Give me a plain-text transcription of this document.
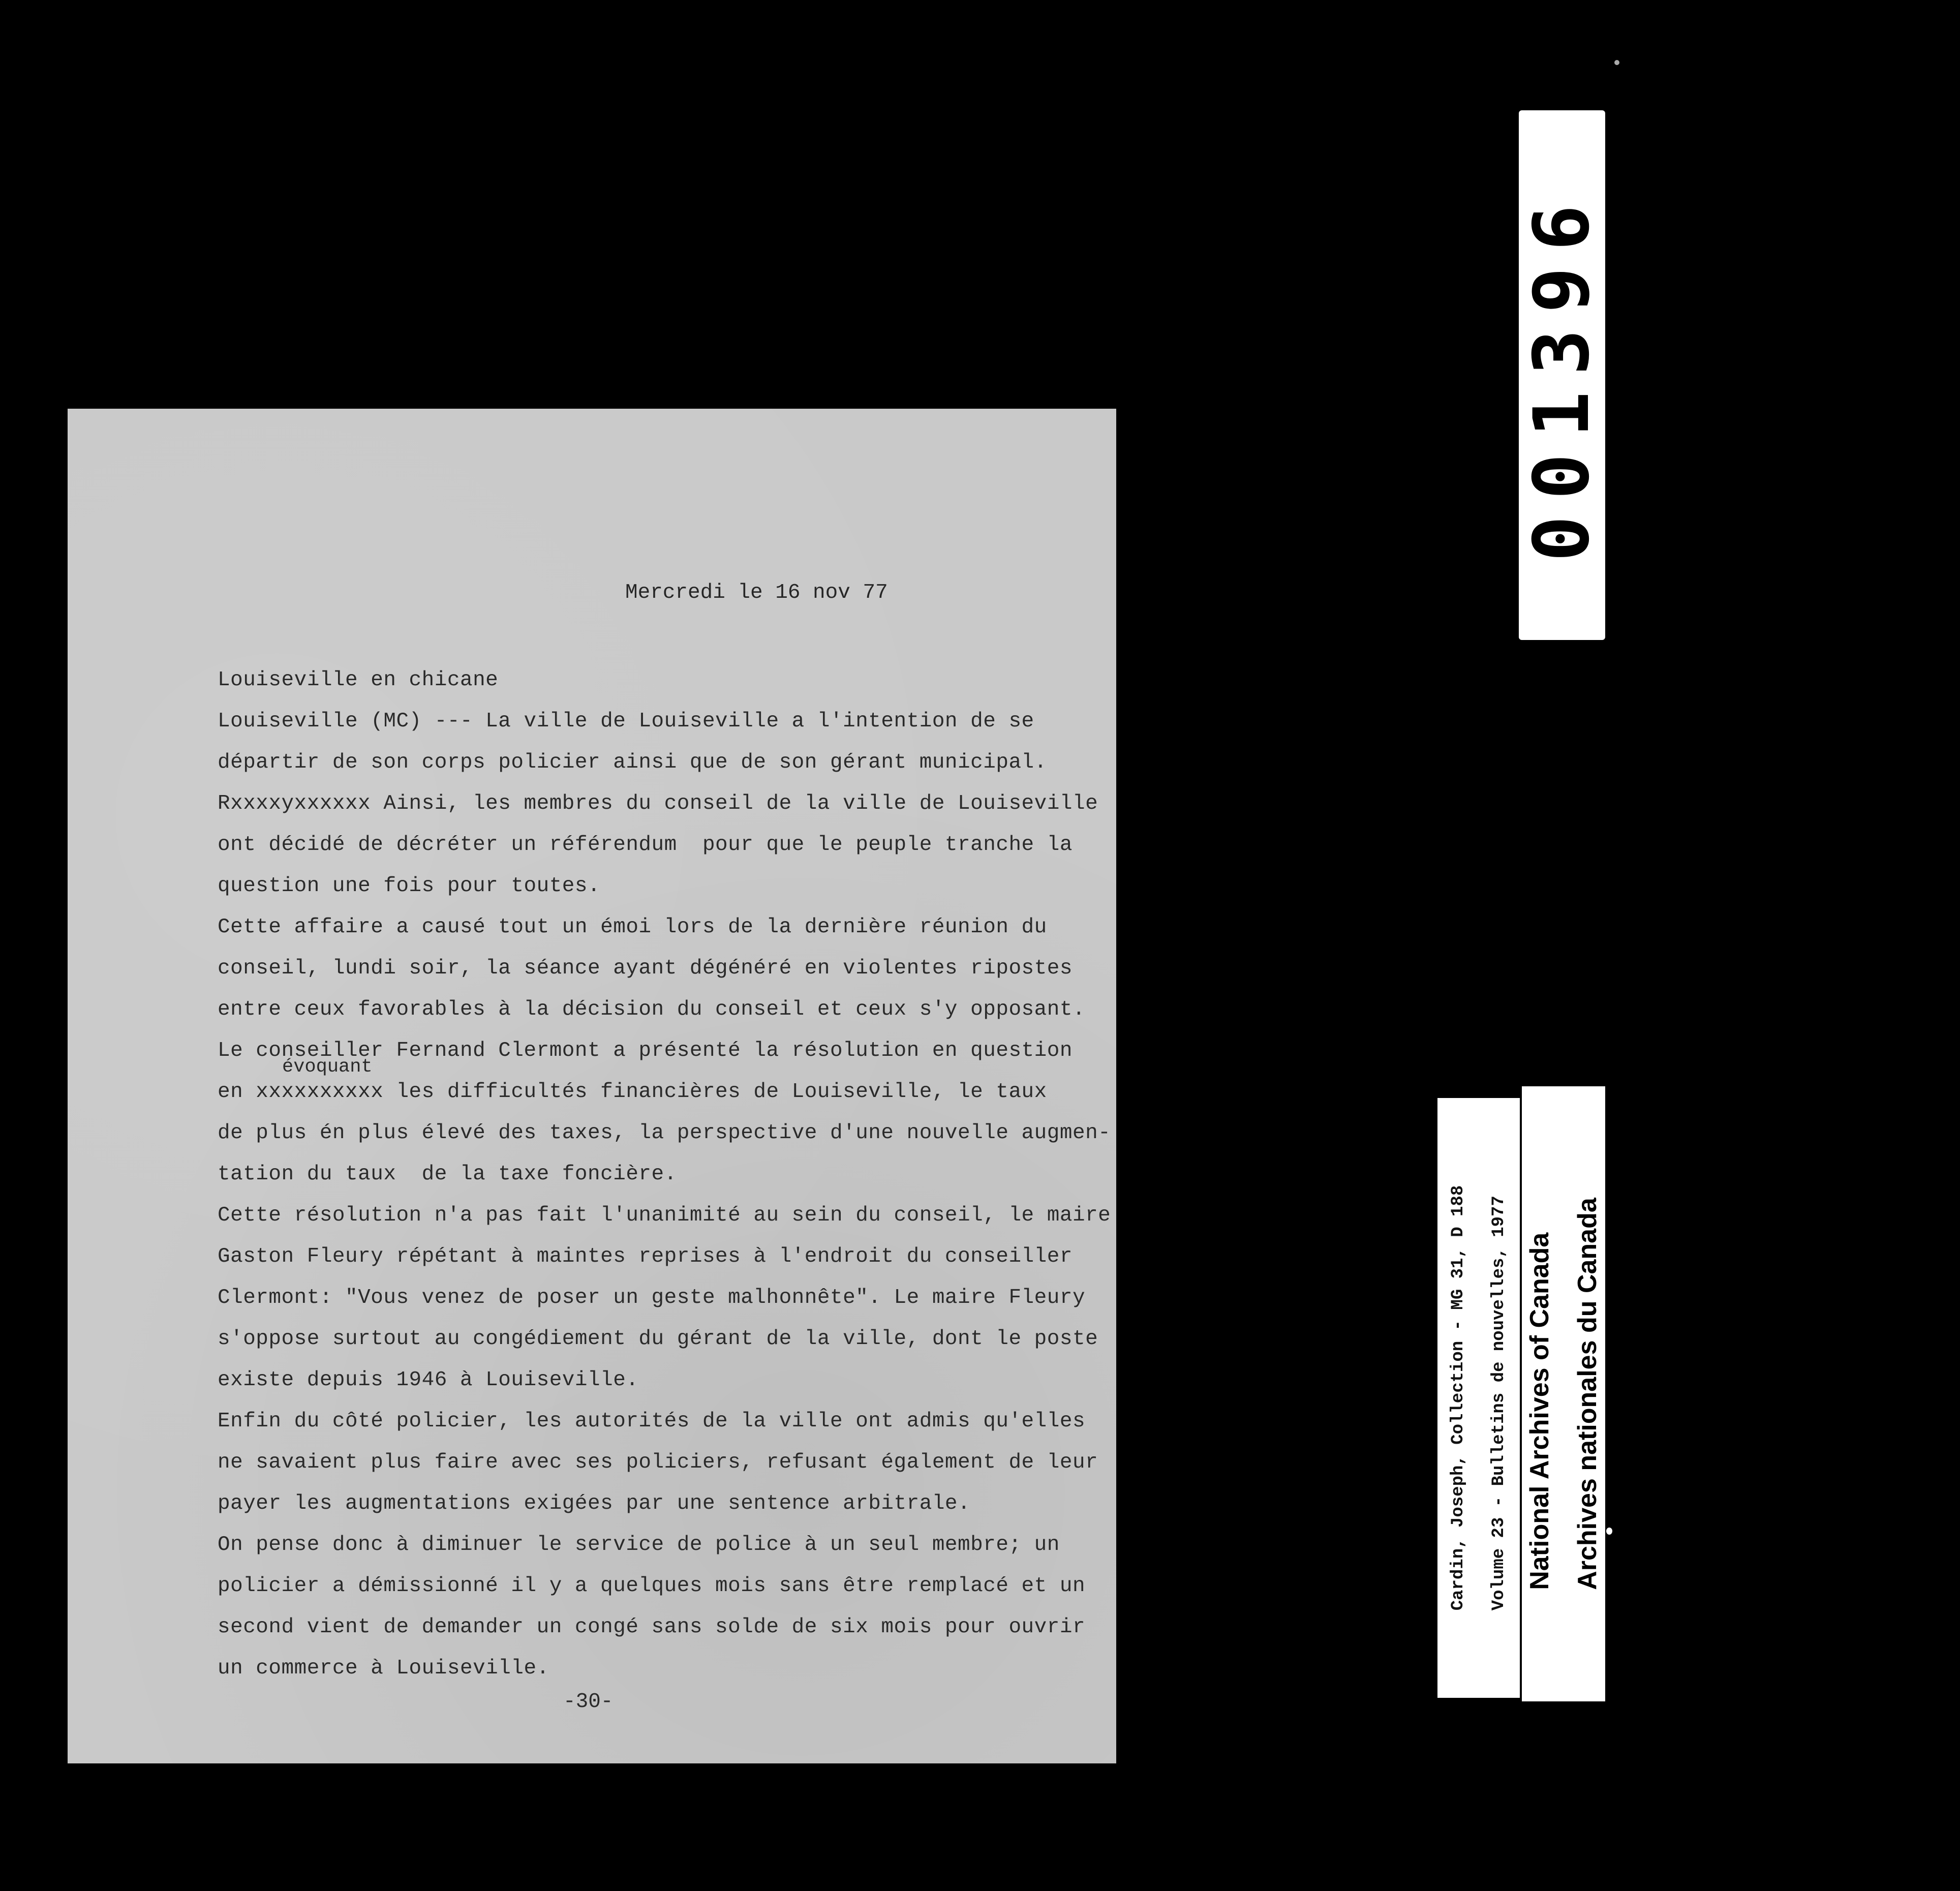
Mercredi le 16 nov 77
Louiseville en chicane
Louiseville (MC) --- La ville de Louiseville a l'intention de se
départir de son corps policier ainsi que de son gérant municipal.
Rxxxxyxxxxxx Ainsi, les membres du conseil de la ville de Louiseville
ont décidé de décréter un référendum  pour que le peuple tranche la
question une fois pour toutes.
Cette affaire a causé tout un émoi lors de la dernière réunion du
conseil, lundi soir, la séance ayant dégénéré en violentes ripostes
entre ceux favorables à la décision du conseil et ceux s'y opposant.
Le conseiller Fernand Clermont a présenté la résolution en question
en xxxxxxxxxx les difficultés financières de Louiseville, le taux
de plus én plus élevé des taxes, la perspective d'une nouvelle augmen-
tation du taux  de la taxe foncière.
Cette résolution n'a pas fait l'unanimité au sein du conseil, le maire
Gaston Fleury répétant à maintes reprises à l'endroit du conseiller
Clermont: "Vous venez de poser un geste malhonnête". Le maire Fleury
s'oppose surtout au congédiement du gérant de la ville, dont le poste
existe depuis 1946 à Louiseville.
Enfin du côté policier, les autorités de la ville ont admis qu'elles
ne savaient plus faire avec ses policiers, refusant également de leur
payer les augmentations exigées par une sentence arbitrale.
On pense donc à diminuer le service de police à un seul membre; un
policier a démissionné il y a quelques mois sans être remplacé et un
second vient de demander un congé sans solde de six mois pour ouvrir
un commerce à Louiseville.
évoquant
-30-
001396

Cardin, Joseph, Collection - MG 31, D 188

Volume 23 - Bulletins de nouvelles, 1977

National Archives of Canada

Archives nationales du Canada
